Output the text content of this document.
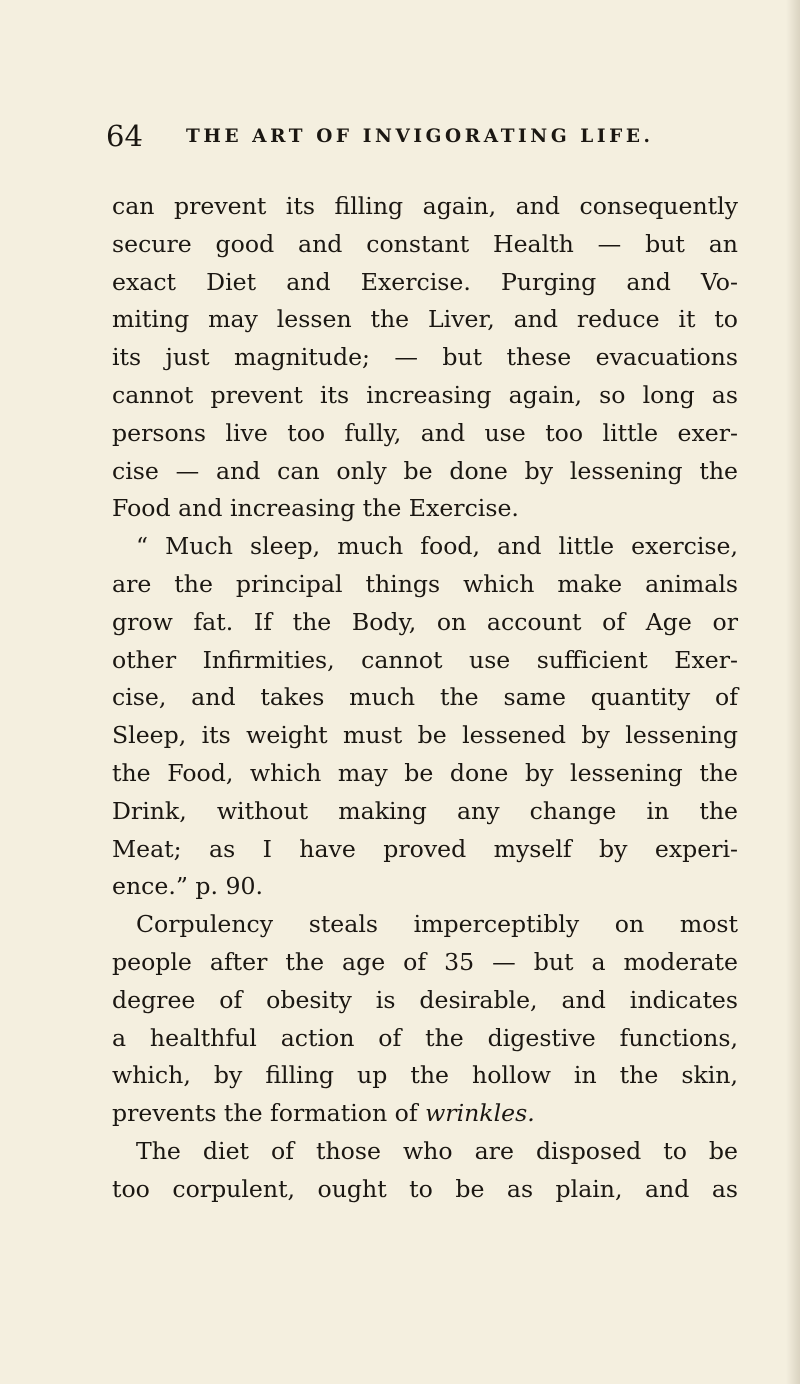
64 THE ART OF INVIGORATING LIFE.
can prevent its filling again, and consequently
secure good and constant Health — but an
exact Diet and Exercise. Purging and Vo-
miting may lessen the Liver, and reduce it to
its just magnitude; — but these evacuations
cannot prevent its increasing again, so long as
persons live too fully, and use too little exer-
cise — and can only be done by lessening the
Food and increasing the Exercise.
“ Much sleep, much food, and little exercise,
are the principal things which make animals
grow fat. If the Body, on account of Age or
other Infirmities, cannot use sufficient Exer-
cise, and takes much the same quantity of
Sleep, its weight must be lessened by lessening
the Food, which may be done by lessening the
Drink, without making any change in the
Meat; as I have proved myself by experi-
ence.” p. 90.
Corpulency steals imperceptibly on most
people after the age of 35 — but a moderate
degree of obesity is desirable, and indicates
a healthful action of the digestive functions,
which, by filling up the hollow in the skin,
prevents the formation of wrinkles.
The diet of those who are disposed to be
too corpulent, ought to be as plain, and as
